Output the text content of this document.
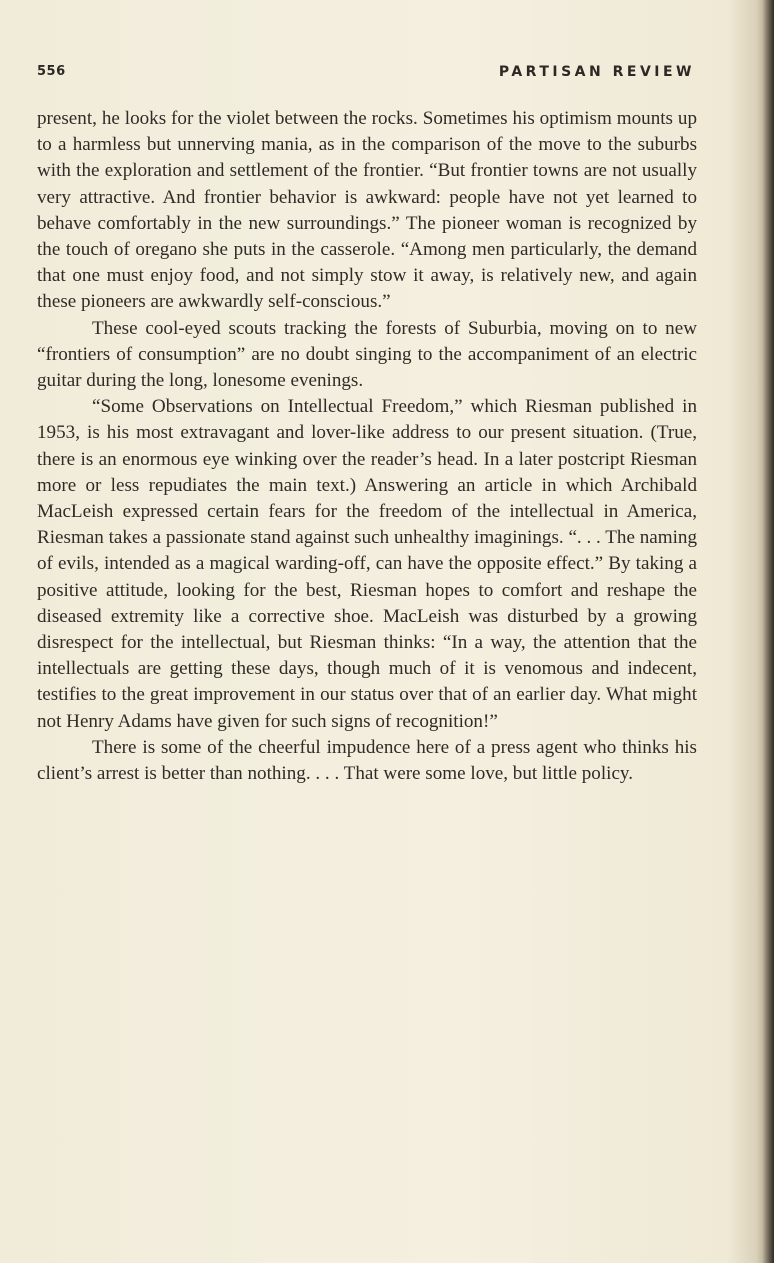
556	PARTISAN REVIEW

present, he looks for the violet between the rocks. Sometimes his optimism mounts up to a harmless but unnerving mania, as in the comparison of the move to the suburbs with the exploration and settlement of the frontier. “But frontier towns are not usually very attractive. And frontier behavior is awkward: people have not yet learned to behave comfortably in the new surroundings.” The pioneer woman is recognized by the touch of oregano she puts in the casserole. “Among men particularly, the demand that one must enjoy food, and not simply stow it away, is relatively new, and again these pioneers are awkwardly self-conscious.”

These cool-eyed scouts tracking the forests of Suburbia, moving on to new “frontiers of consumption” are no doubt singing to the accompaniment of an electric guitar during the long, lonesome evenings.

“Some Observations on Intellectual Freedom,” which Riesman published in 1953, is his most extravagant and lover-like address to our present situation. (True, there is an enormous eye winking over the reader’s head. In a later postcript Riesman more or less repudiates the main text.) Answering an article in which Archibald MacLeish expressed certain fears for the freedom of the intellectual in America, Riesman takes a passionate stand against such unhealthy imaginings. “. . . The naming of evils, intended as a magical warding-off, can have the opposite effect.” By taking a positive attitude, looking for the best, Riesman hopes to comfort and reshape the diseased extremity like a corrective shoe. MacLeish was disturbed by a growing disrespect for the intellectual, but Riesman thinks: “In a way, the attention that the intellectuals are getting these days, though much of it is venomous and indecent, testifies to the great improvement in our status over that of an earlier day. What might not Henry Adams have given for such signs of recognition!”

There is some of the cheerful impudence here of a press agent who thinks his client’s arrest is better than nothing. . . . That were some love, but little policy.
